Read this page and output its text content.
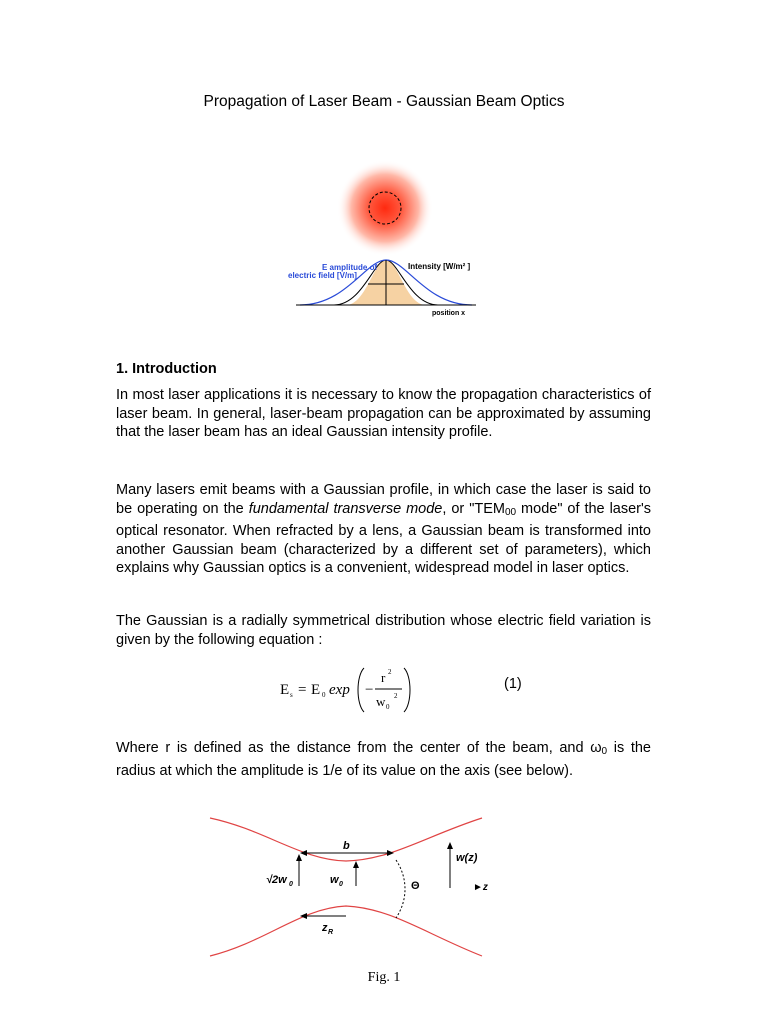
Propagation of Laser Beam - Gaussian Beam Optics
E amplitude of
electric field [V/m]
Intensity [W/m² ]
position x
1. Introduction

In most laser applications it is necessary to know the propagation characteristics of laser beam. In general, laser-beam propagation can be approximated by assuming that the laser beam has an ideal Gaussian intensity profile.

Many lasers emit beams with a Gaussian profile, in which case the laser is said to be operating on the fundamental transverse mode, or "$TEM_{00}$ mode" of the laser's optical resonator. When refracted by a lens, a Gaussian beam is transformed into another Gaussian beam (characterized by a different set of parameters), which explains why Gaussian optics is a convenient, widespread model in laser optics.

The Gaussian is a radially symmetrical distribution whose electric field variation is given by the following equation :

E s = E 0 exp −
r 2
w 0
2
(1)

Where r is defined as the distance from the center of the beam, and $\omega_0$ is the radius at which the amplitude is 1/e of its value on the axis (see below).

b
w(z)
√2w 0	w 0	Θ	►z
z R
Fig. 1
